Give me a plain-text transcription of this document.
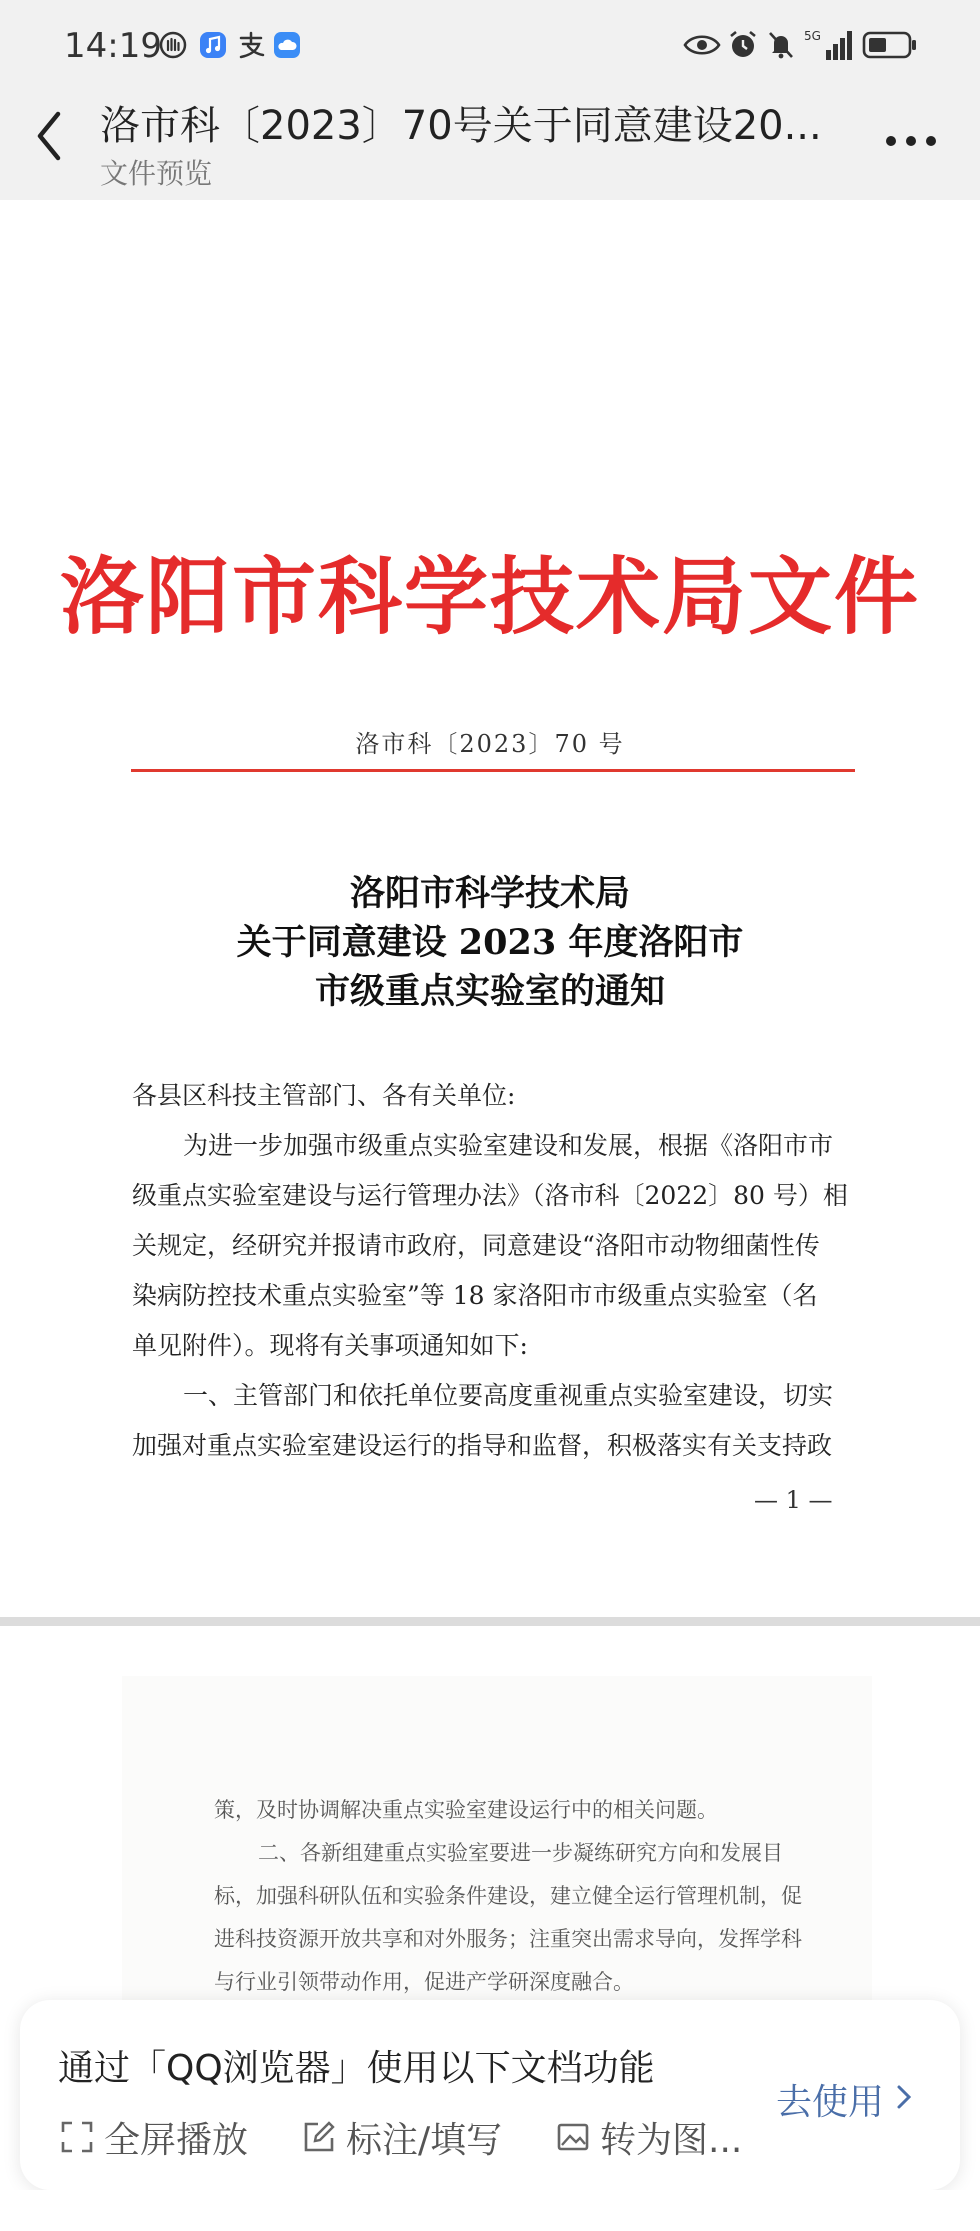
14:19	5G
洛市科〔2023〕70号关于同意建设20...
文件预览
洛阳市科学技术局文件
洛市科〔2023〕70 号
洛阳市科学技术局
关于同意建设 2023 年度洛阳市
市级重点实验室的通知
各县区科技主管部门、各有关单位:
为进一步加强市级重点实验室建设和发展，根据《洛阳市市
级重点实验室建设与运行管理办法》（洛市科〔2022〕80 号）相
关规定，经研究并报请市政府，同意建设“洛阳市动物细菌性传
染病防控技术重点实验室”等 18 家洛阳市市级重点实验室（名
单见附件）。现将有关事项通知如下:
一、主管部门和依托单位要高度重视重点实验室建设，切实
加强对重点实验室建设运行的指导和监督，积极落实有关支持政
— 1 —
策，及时协调解决重点实验室建设运行中的相关问题。
二、各新组建重点实验室要进一步凝练研究方向和发展目
标，加强科研队伍和实验条件建设，建立健全运行管理机制，促
进科技资源开放共享和对外服务；注重突出需求导向，发挥学科
与行业引领带动作用，促进产学研深度融合。
通过「QQ浏览器」使用以下文档功能
去使用
全屏播放	标注/填写	转为图...
